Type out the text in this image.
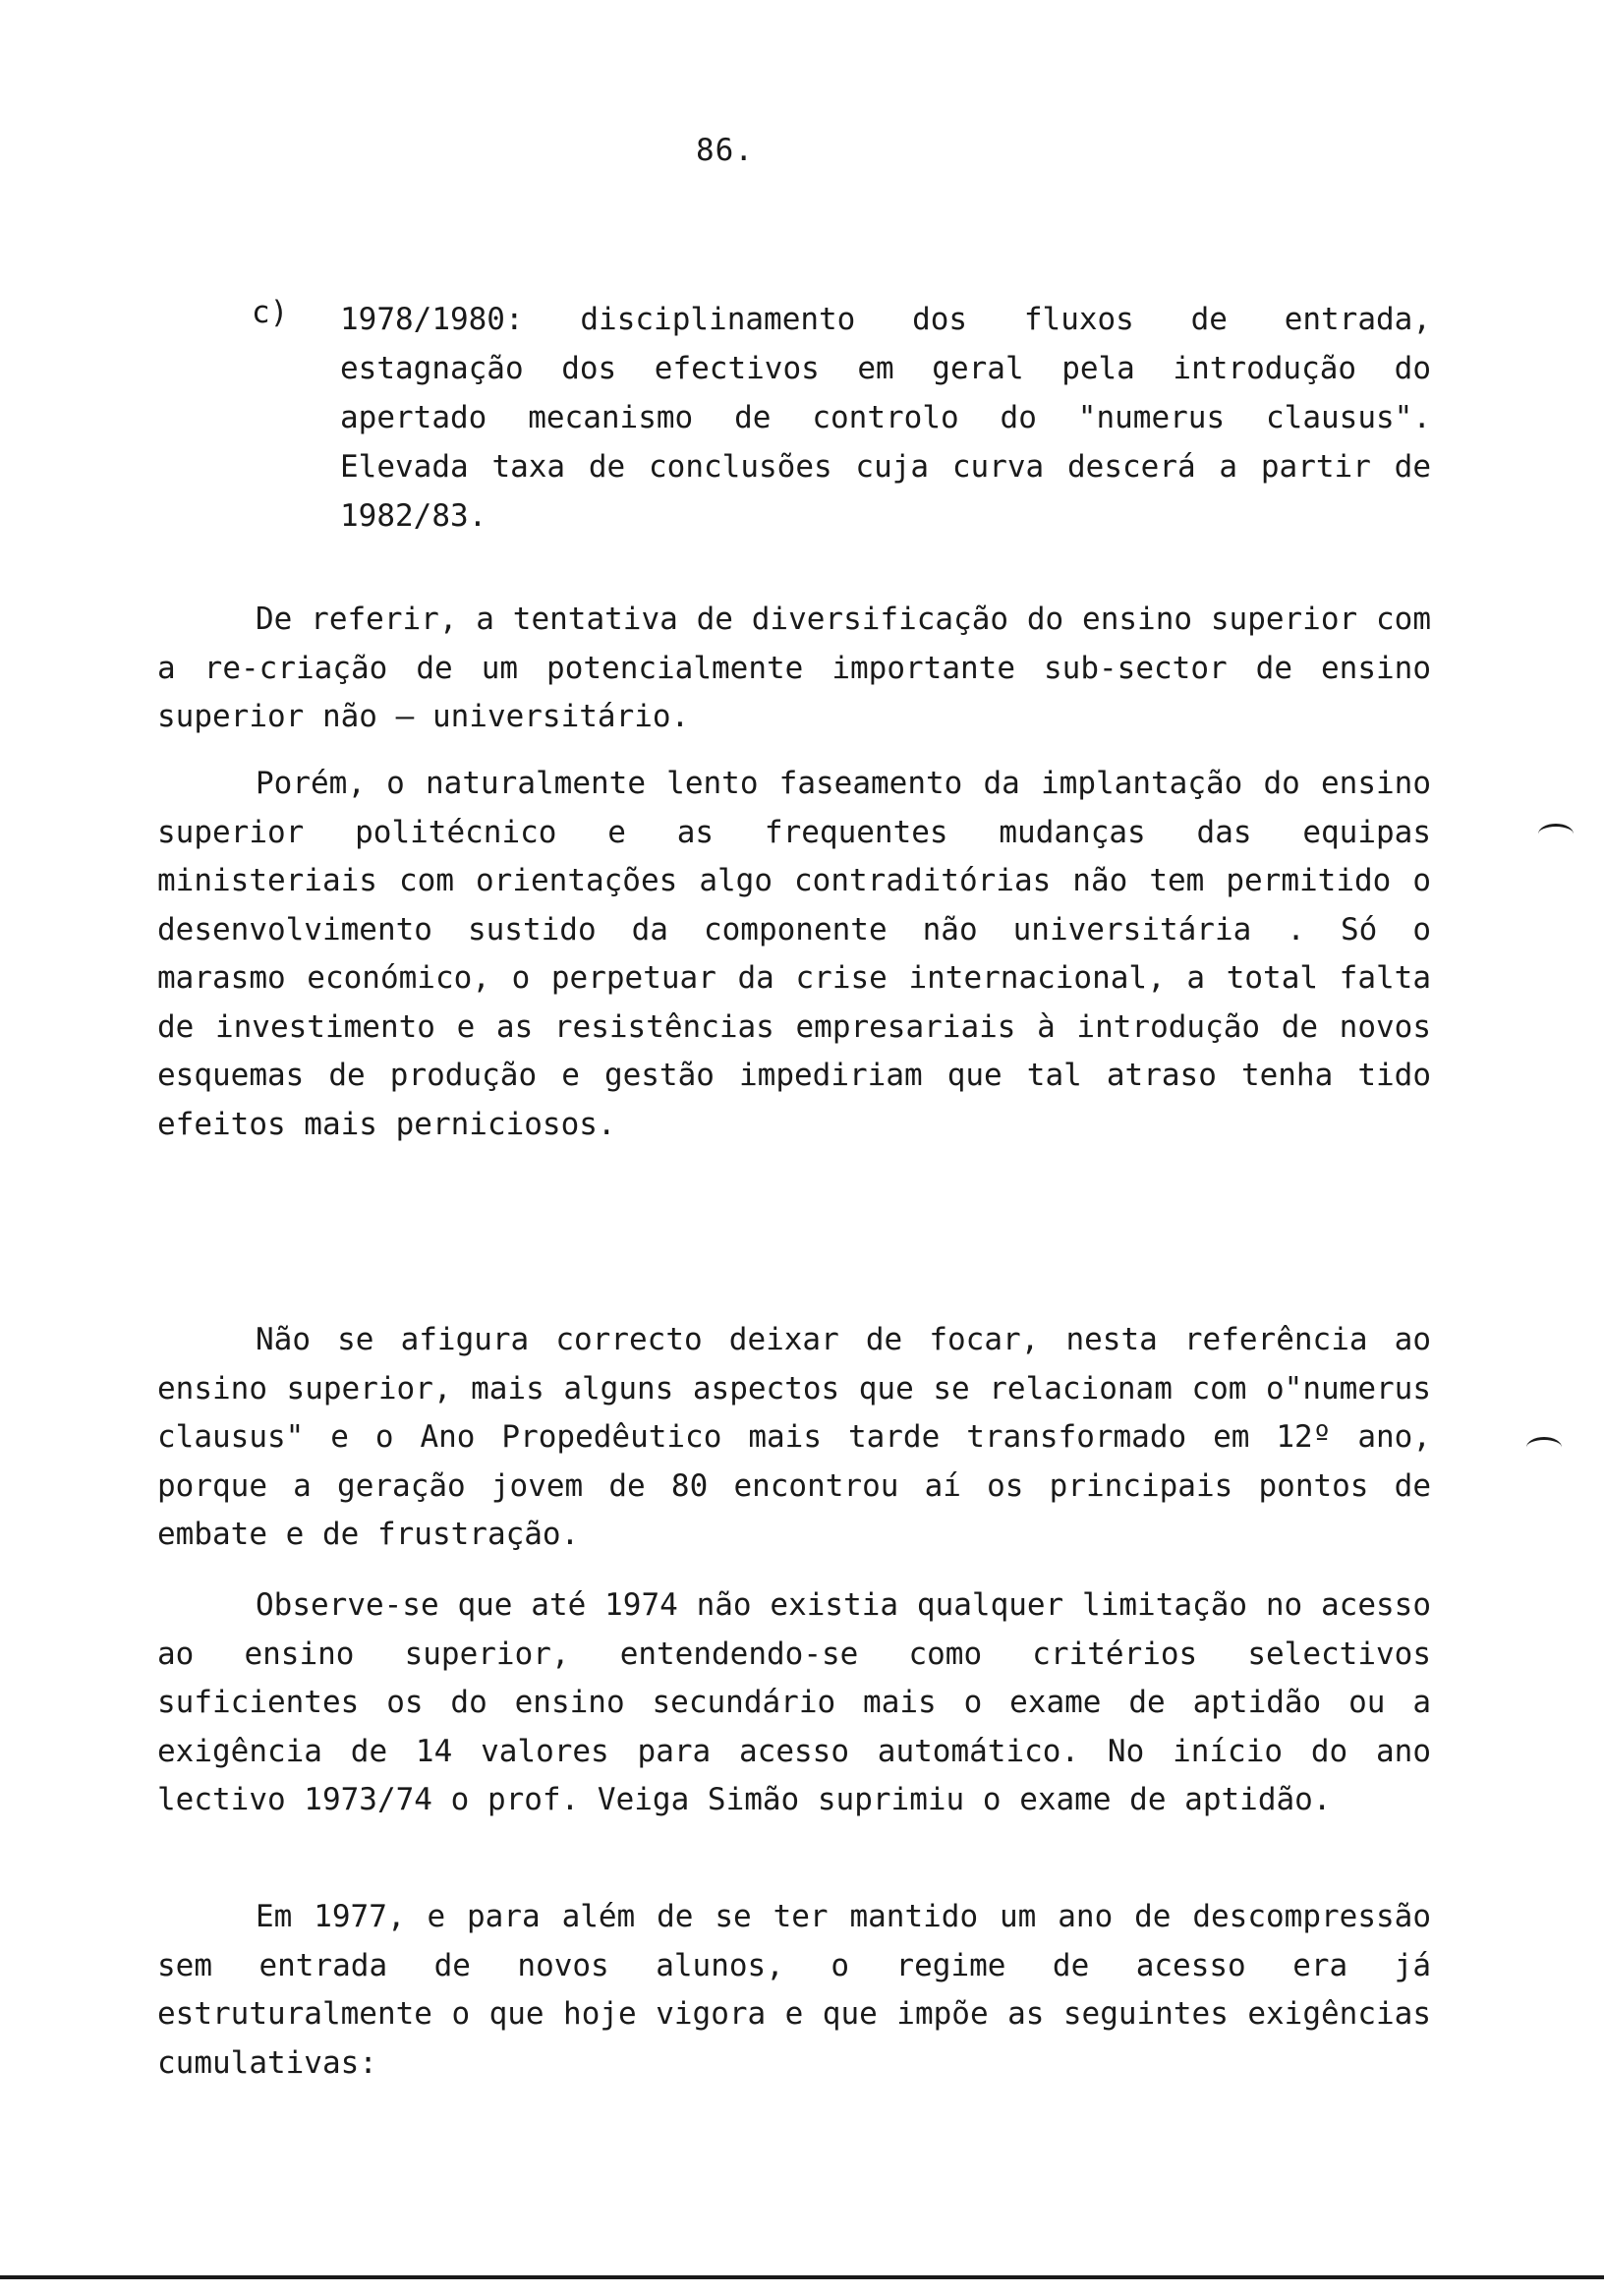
86.
c) 1978/1980: disciplinamento dos fluxos de entrada, estagnação dos efectivos em geral pela introdução do apertado mecanismo de controlo do "numerus clausus". Elevada taxa de conclusões cuja curva descerá a partir de 1982/83.

De referir, a tentativa de diversificação do ensino superior com a re-criação de um potencialmente importante sub-sector de ensino superior não — universitário.

Porém, o naturalmente lento faseamento da implantação do ensino superior politécnico e as frequentes mudanças das equipas ministeriais com orientações algo contraditórias não tem permitido o desenvolvimento sustido da componente não universitária . Só o marasmo económico, o perpetuar da crise internacional, a total falta de investimento e as resistências empresariais à introdução de novos esquemas de produção e gestão impediriam que tal atraso tenha tido efeitos mais perniciosos.

Não se afigura correcto deixar de focar, nesta referência ao ensino superior, mais alguns aspectos que se relacionam com o"numerus clausus" e o Ano Propedêutico mais tarde transformado em 12º ano, porque a geração jovem de 80 encontrou aí os principais pontos de embate e de frustração.

Observe-se que até 1974 não existia qualquer limitação no acesso ao ensino superior, entendendo-se como critérios selectivos suficientes os do ensino secundário mais o exame de aptidão ou a exigência de 14 valores para acesso automático. No início do ano lectivo 1973/74 o prof. Veiga Simão suprimiu o exame de aptidão.

Em 1977, e para além de se ter mantido um ano de descompressão sem entrada de novos alunos, o regime de acesso era já estruturalmente o que hoje vigora e que impõe as seguintes exigências cumulativas:
